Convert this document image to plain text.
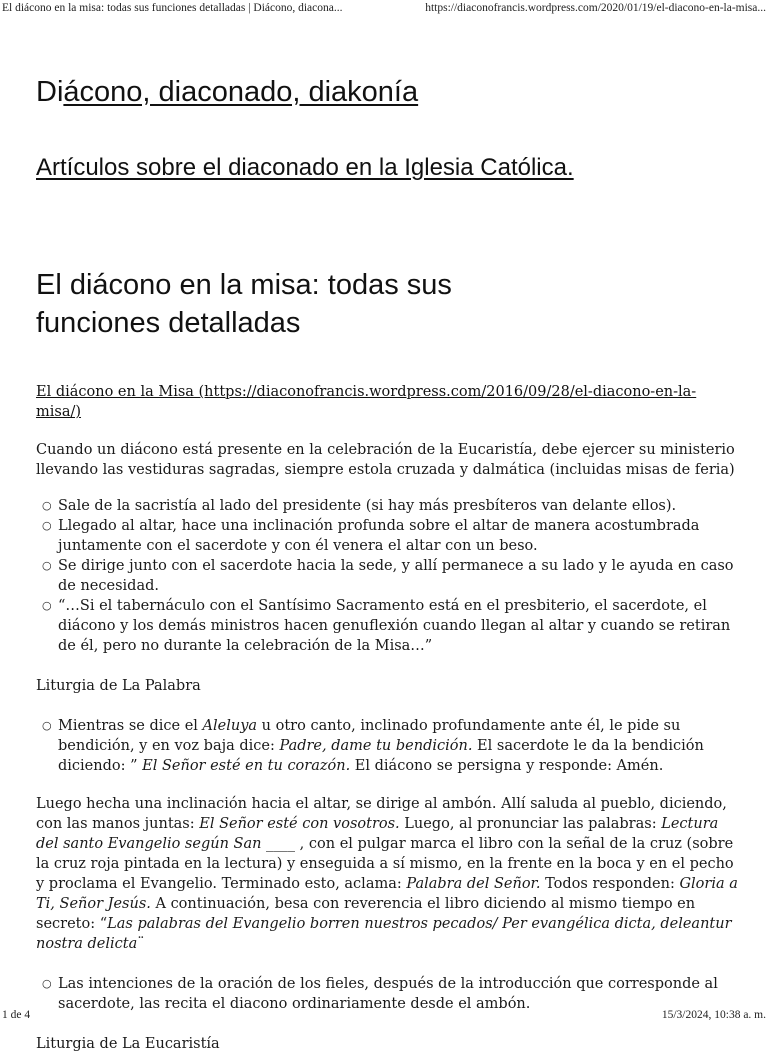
El diácono en la misa: todas sus funciones detalladas | Diácono, diacona...	https://diaconofrancis.wordpress.com/2020/01/19/el-diacono-en-la-misa...
Diácono, diaconado, diakonía
Artículos sobre el diaconado en la Iglesia Católica.
El diácono en la misa: todas sus funciones detalladas

El diácono en la Misa (https://diaconofrancis.wordpress.com/2016/09/28/el-diacono-en-la-misa/)

Cuando un diácono está presente en la celebración de la Eucaristía, debe ejercer su ministerio llevando las vestiduras sagradas, siempre estola cruzada y dalmática (incluidas misas de feria)

○ Sale de la sacristía al lado del presidente (si hay más presbíteros van delante ellos).
○ Llegado al altar, hace una inclinación profunda sobre el altar de manera acostumbrada juntamente con el sacerdote y con él venera el altar con un beso.
○ Se dirige junto con el sacerdote hacia la sede, y allí permanece a su lado y le ayuda en caso de necesidad.
○ “…Si el tabernáculo con el Santísimo Sacramento está en el presbiterio, el sacerdote, el diácono y los demás ministros hacen genuflexión cuando llegan al altar y cuando se retiran de él, pero no durante la celebración de la Misa…”

Liturgia de La Palabra

○ Mientras se dice el Aleluya u otro canto, inclinado profundamente ante él, le pide su bendición, y en voz baja dice: Padre, dame tu bendición. El sacerdote le da la bendición diciendo: ” El Señor esté en tu corazón. El diácono se persigna y responde: Amén.

Luego hecha una inclinación hacia el altar, se dirige al ambón. Allí saluda al pueblo, diciendo, con las manos juntas: El Señor esté con vosotros. Luego, al pronunciar las palabras: Lectura del santo Evangelio según San ____ , con el pulgar marca el libro con la señal de la cruz (sobre la cruz roja pintada en la lectura) y enseguida a sí mismo, en la frente en la boca y en el pecho y proclama el Evangelio. Terminado esto, aclama: Palabra del Señor. Todos responden: Gloria a Ti, Señor Jesús. A continuación, besa con reverencia el libro diciendo al mismo tiempo en secreto: “Las palabras del Evangelio borren nuestros pecados/ Per evangélica dicta, deleantur nostra delicta¨

○ Las intenciones de la oración de los fieles, después de la introducción que corresponde al sacerdote, las recita el diacono ordinariamente desde el ambón.

Liturgia de La Eucaristía

1 de 4	15/3/2024, 10:38 a. m.
